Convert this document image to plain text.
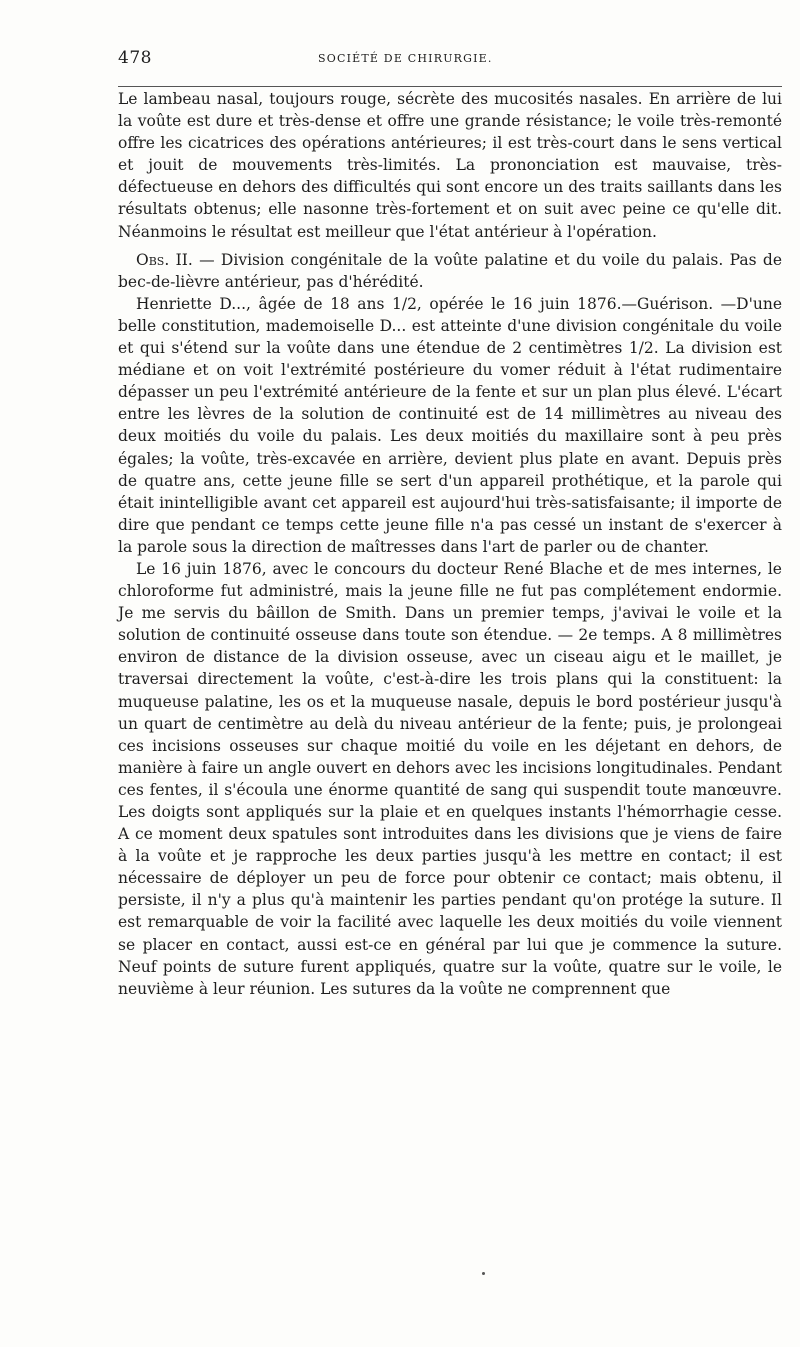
478	SOCIÉTÉ DE CHIRURGIE.

Le lambeau nasal, toujours rouge, sécrète des mucosités nasales. En arrière de lui la voûte est dure et très-dense et offre une grande résistance; le voile très-remonté offre les cicatrices des opérations antérieures; il est très-court dans le sens vertical et jouit de mouvements très-limités. La prononciation est mauvaise, très-défectueuse en dehors des difficultés qui sont encore un des traits saillants dans les résultats obtenus; elle nasonne très-fortement et on suit avec peine ce qu'elle dit. Néanmoins le résultat est meilleur que l'état antérieur à l'opération.

Obs. II. — Division congénitale de la voûte palatine et du voile du palais. Pas de bec-de-lièvre antérieur, pas d'hérédité.

Henriette D..., âgée de 18 ans 1/2, opérée le 16 juin 1876.—Guérison. —D'une belle constitution, mademoiselle D... est atteinte d'une division congénitale du voile et qui s'étend sur la voûte dans une étendue de 2 centimètres 1/2. La division est médiane et on voit l'extrémité postérieure du vomer réduit à l'état rudimentaire dépasser un peu l'extrémité antérieure de la fente et sur un plan plus élevé. L'écart entre les lèvres de la solution de continuité est de 14 millimètres au niveau des deux moitiés du voile du palais. Les deux moitiés du maxillaire sont à peu près égales; la voûte, très-excavée en arrière, devient plus plate en avant. Depuis près de quatre ans, cette jeune fille se sert d'un appareil prothétique, et la parole qui était inintelligible avant cet appareil est aujourd'hui très-satisfaisante; il importe de dire que pendant ce temps cette jeune fille n'a pas cessé un instant de s'exercer à la parole sous la direction de maîtresses dans l'art de parler ou de chanter.

Le 16 juin 1876, avec le concours du docteur René Blache et de mes internes, le chloroforme fut administré, mais la jeune fille ne fut pas complétement endormie. Je me servis du bâillon de Smith. Dans un premier temps, j'avivai le voile et la solution de continuité osseuse dans toute son étendue. — 2e temps. A 8 millimètres environ de distance de la division osseuse, avec un ciseau aigu et le maillet, je traversai directement la voûte, c'est-à-dire les trois plans qui la constituent: la muqueuse palatine, les os et la muqueuse nasale, depuis le bord postérieur jusqu'à un quart de centimètre au delà du niveau antérieur de la fente; puis, je prolongeai ces incisions osseuses sur chaque moitié du voile en les déjetant en dehors, de manière à faire un angle ouvert en dehors avec les incisions longitudinales. Pendant ces fentes, il s'écoula une énorme quantité de sang qui suspendit toute manœuvre. Les doigts sont appliqués sur la plaie et en quelques instants l'hémorrhagie cesse. A ce moment deux spatules sont introduites dans les divisions que je viens de faire à la voûte et je rapproche les deux parties jusqu'à les mettre en contact; il est nécessaire de déployer un peu de force pour obtenir ce contact; mais obtenu, il persiste, il n'y a plus qu'à maintenir les parties pendant qu'on protége la suture. Il est remarquable de voir la facilité avec laquelle les deux moitiés du voile viennent se placer en contact, aussi est-ce en général par lui que je commence la suture. Neuf points de suture furent appliqués, quatre sur la voûte, quatre sur le voile, le neuvième à leur réunion. Les sutures da la voûte ne comprennent que
